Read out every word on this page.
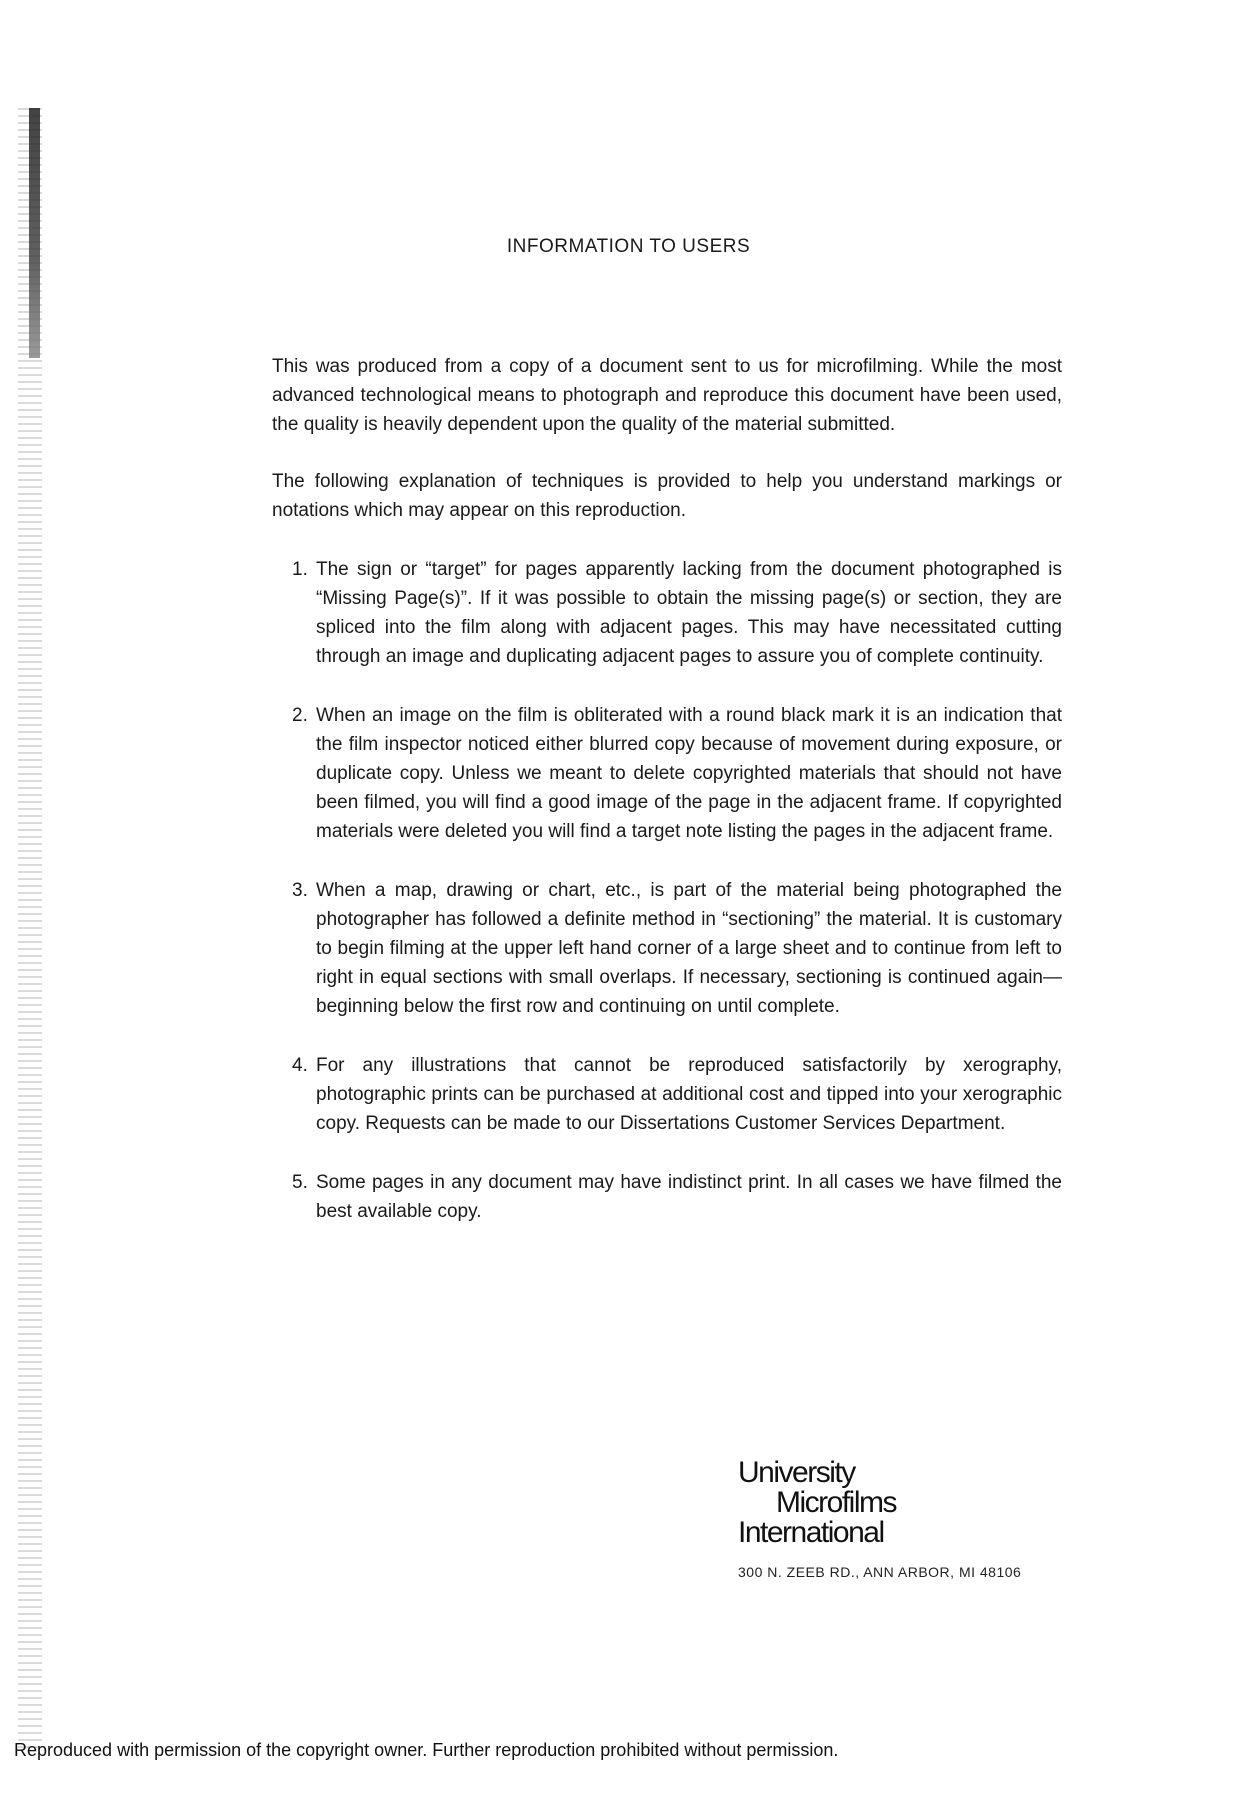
INFORMATION TO USERS

This was produced from a copy of a document sent to us for microfilming. While the most advanced technological means to photograph and reproduce this document have been used, the quality is heavily dependent upon the quality of the material submitted.

The following explanation of techniques is provided to help you understand markings or notations which may appear on this reproduction.

1. The sign or “target” for pages apparently lacking from the document photographed is “Missing Page(s)”. If it was possible to obtain the missing page(s) or section, they are spliced into the film along with adjacent pages. This may have necessitated cutting through an image and duplicating adjacent pages to assure you of complete continuity.
2. When an image on the film is obliterated with a round black mark it is an indication that the film inspector noticed either blurred copy because of movement during exposure, or duplicate copy. Unless we meant to delete copyrighted materials that should not have been filmed, you will find a good image of the page in the adjacent frame. If copyrighted materials were deleted you will find a target note listing the pages in the adjacent frame.
3. When a map, drawing or chart, etc., is part of the material being photographed the photographer has followed a definite method in “sectioning” the material. It is customary to begin filming at the upper left hand corner of a large sheet and to continue from left to right in equal sections with small overlaps. If necessary, sectioning is continued again—beginning below the first row and continuing on until complete.
4. For any illustrations that cannot be reproduced satisfactorily by xerography, photographic prints can be purchased at additional cost and tipped into your xerographic copy. Requests can be made to our Dissertations Customer Services Department.
5. Some pages in any document may have indistinct print. In all cases we have filmed the best available copy.
University
Microfilms
International
300 N. ZEEB RD., ANN ARBOR, MI 48106
Reproduced with permission of the copyright owner. Further reproduction prohibited without permission.
